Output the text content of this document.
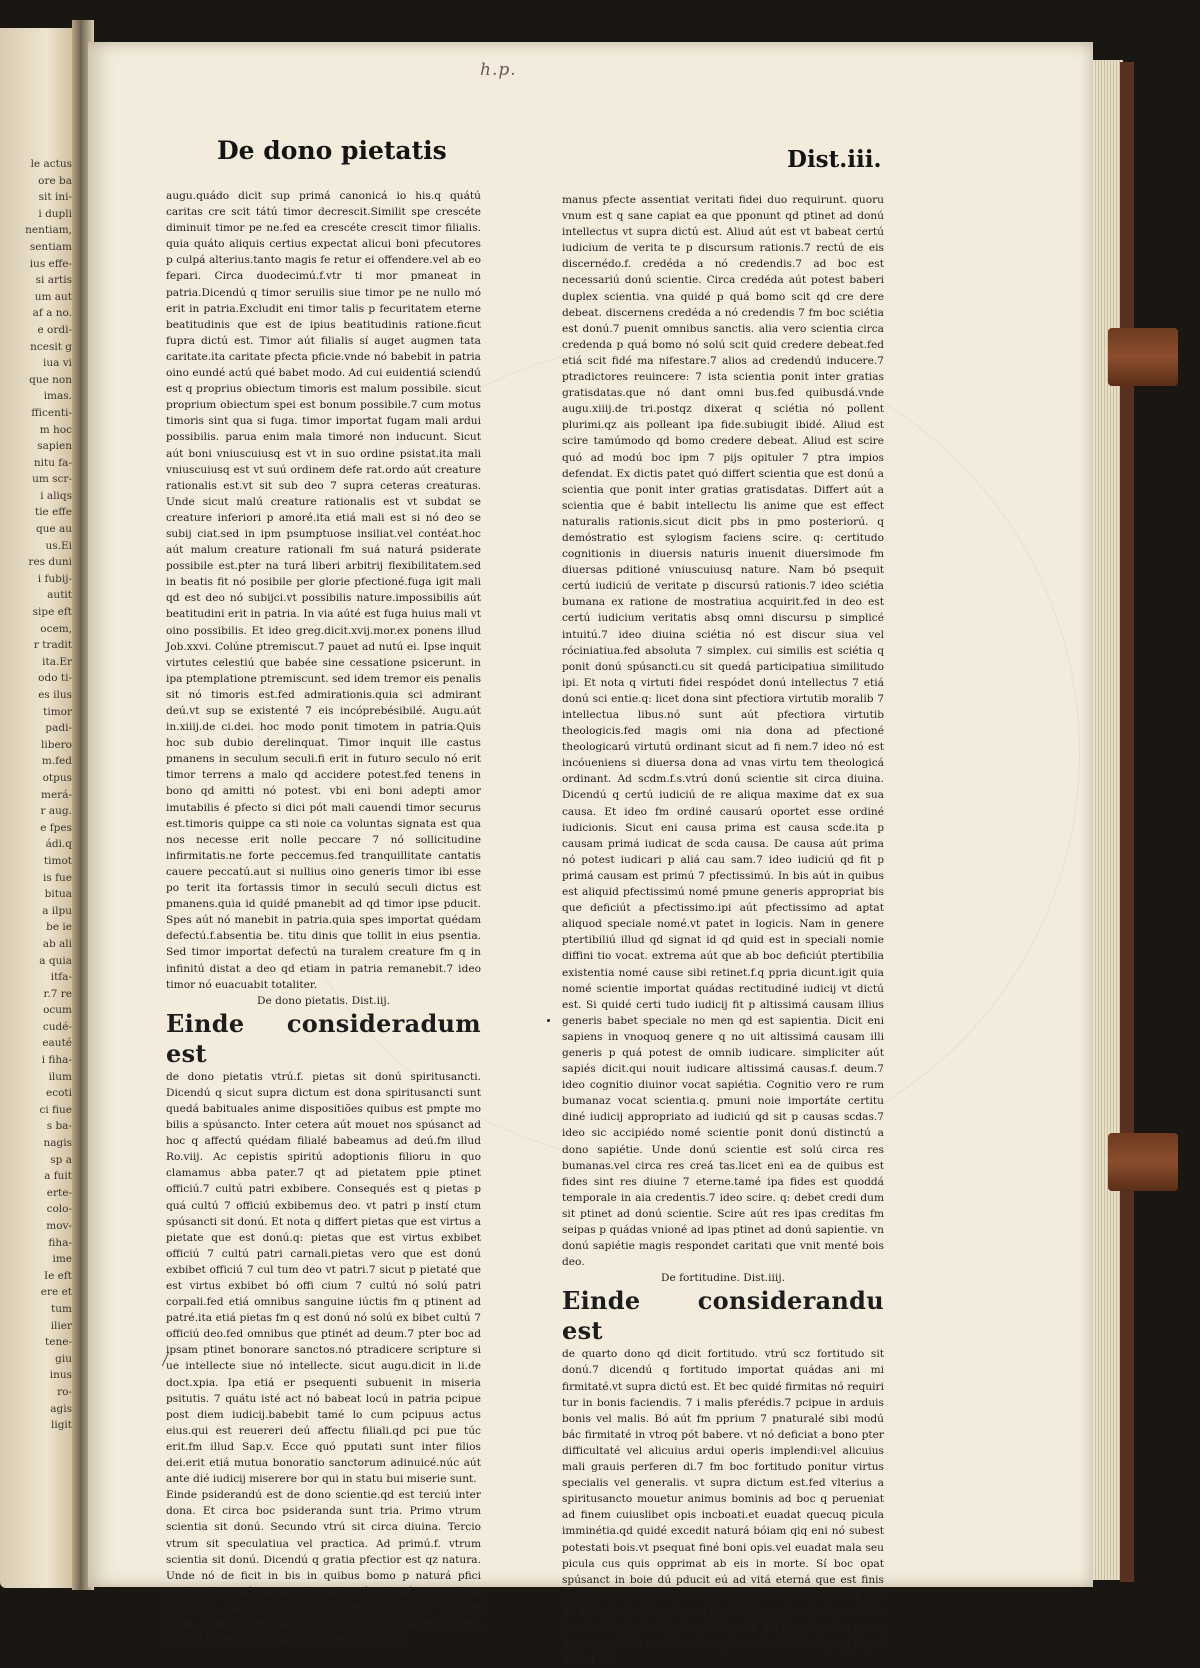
le actus
ore ba
sit ini-
i dupli
nentiam,
sentiam
ius effe-
si artis
um aut
af a no.
e ordi-
ncesit g
iua vi
que non
imas.
fficenti-
m hoc
sapien
nitu fa-
um scr-
i aliqs
tie effe
que au
us.Ei
res duni
i fubij-
autit
sipe eft
ocem,
r tradit
ita.Er
odo ti-
es ilus
timor
padi-
libero
m.fed
otpus
merá-
r aug.
e fpes
ádi.q
timot
is fue
bitua
a ilpu
be ie
ab ali
a quia
itfa-
r.7 re
ocum
cudé-
eauté
i fiha-
ilum
ecoti
ci fiue
s ba-
nagis
sp a
a fuit
erte-
colo-
mov-
fiha-
ime
Ie eft
ere et
tum
ilier
tene-
giu
inus
ro-
agis
ligit
h.p.
De dono pietatis	Dist.iii.

augu.quádo dicit sup primá canonicá io his.q quátú caritas cre scit tátú timor decrescit.Similit spe crescéte diminuit timor pe ne.fed ea crescéte crescit timor filialis. quia quáto aliquis certius expectat alicui boni pfecutores p culpá alterius.tanto magis fe retur ei offendere.vel ab eo fepari. Circa duodecimú.f.vtr ti mor pmaneat in patria.Dicendú q timor seruilis siue timor pe ne nullo mó erit in patria.Excludit eni timor talis p fecuritatem eterne beatitudinis que est de ipius beatitudinis ratione.ficut fupra dictú est. Timor aút filialis sí auget augmen tata caritate.ita caritate pfecta pficie.vnde nó babebit in patria oino eundé actú qué babet modo. Ad cui euidentiá sciendú est q proprius obiectum timoris est malum possibile. sicut proprium obiectum spei est bonum possibile.7 cum motus timoris sint qua si fuga. timor importat fugam mali ardui possibilis. parua enim mala timoré non inducunt. Sicut aút boni vniuscuiusq est vt in suo ordine psistat.ita mali vniuscuiusq est vt suú ordinem defe rat.ordo aút creature rationalis est.vt sit sub deo 7 supra ceteras creaturas. Unde sicut malú creature rationalis est vt subdat se creature inferiori p amoré.ita etiá mali est si nó deo se subij ciat.sed in ipm psumptuose insiliat.vel contéat.hoc aút malum creature rationali fm suá naturá psiderate possibile est.pter na turá liberi arbitrij flexibilitatem.sed in beatis fit nó posibile per glorie pfectioné.fuga igit mali qd est deo nó subijci.vt possibilis nature.impossibilis aút beatitudini erit in patria. In via aúté est fuga huius mali vt oino possibilis. Et ideo greg.dicit.xvij.mor.ex ponens illud Job.xxvi. Colúne ptremiscut.7 pauet ad nutú ei. Ipse inquit virtutes celestiú que babée sine cessatione psicerunt. in ipa ptemplatione ptremiscunt. sed idem tremor eis penalis sit nó timoris est.fed admirationis.quia sci admirant deú.vt sup se existenté 7 eis incóprebésibilé. Augu.aút in.xiiij.de ci.dei. hoc modo ponit timotem in patria.Quis hoc sub dubio derelinquat. Timor inquit ille castus pmanens in seculum seculi.fi erit in futuro seculo nó erit timor terrens a malo qd accidere potest.fed tenens in bono qd amitti nó potest. vbi eni boni adepti amor imutabilis é pfecto si dici pót mali cauendi timor securus est.timoris quippe ca sti noie ca voluntas signata est qua nos necesse erit nolle peccare 7 nó sollicitudine infirmitatis.ne forte peccemus.fed tranquillitate cantatis cauere peccatú.aut si nullius oino generis timor ibi esse po terit ita fortassis timor in seculú seculi dictus est pmanens.quia id quidé pmanebit ad qd timor ipse pducit. Spes aút nó manebit in patria.quia spes importat quédam defectú.f.absentia be. titu dinis que tollit in eius psentia. Sed timor importat defectú na turalem creature fm q in infinitú distat a deo qd etiam in patria remanebit.7 ideo timor nó euacuabit totaliter.

De dono pietatis. Dist.iij.

Einde consideradum est

de dono pietatis vtrú.f. pietas sit donú spiritusancti. Dicendú q sicut supra dictum est dona spiritusancti sunt quedá babituales anime dispositiões quibus est pmpte mo bilis a spúsancto. Inter cetera aút mouet nos spúsanct ad hoc q affectú quédam filialé babeamus ad deú.fm illud Ro.viij. Ac cepistis spiritú adoptionis filioru in quo clamamus abba pater.7 qt ad pietatem ppie ptinet officiú.7 cultú patri exbibere. Consequés est q pietas p quá cultú 7 officiú exbibemus deo. vt patri p instí ctum spúsancti sit donú. Et nota q differt pietas que est virtus a pietate que est donú.q: pietas que est virtus exbibet officiú 7 cultú patri carnali.pietas vero que est donú exbibet officiú 7 cul tum deo vt patri.7 sicut p pietaté que est virtus exbibet bó offi cium 7 cultú nó solú patri corpali.fed etiá omnibus sanguine iúctis fm q ptinent ad patré.ita etiá pietas fm q est donú nó solú ex bibet cultú 7 officiú deo.fed omnibus que ptinét ad deum.7 pter boc ad ipsam ptinet bonorare sanctos.nó ptradicere scripture si ue intellecte siue nó intellecte. sicut augu.dicit in li.de doct.xpia. Ipa etiá er psequenti subuenit in miseria psitutis. 7 quátu isté act nó babeat locú in patria pcipue post diem iudicij.babebit tamé lo cum pcipuus actus eius.qui est reuereri deú affectu filiali.qd pci pue túc erit.fm illud Sap.v. Ecce quó pputati sunt inter filios dei.erit etiá mutua bonoratio sanctorum adinuicé.núc aút ante dié iudicij miserere bor qui in statu bui miserie sunt.

Einde psiderandú est de dono scientie.qd est terciú inter dona. Et circa boc psideranda sunt tria. Primo vtrum scientia sit donú. Secundo vtrú sit circa diuina. Tercio vtrum sit speculatiua vel practica. Ad primú.f. vtrum scientia sit donú. Dicendú q gratia pfectior est qz natura. Unde nó de ficit in bis in quibus bomo p naturá pfici potest. Cum aút bomo per naturalé rationé assentit fm intellectú alicui veritati. dupliciter pficit circa veritaté illam. Primo quidé quia capit eá. Secú do quia de ea certú iudiciú babet.7 ideo ad boc q intellectus bu-

manus pfecte assentiat veritati fidei duo requirunt. quoru vnum est q sane capiat ea que pponunt qd ptinet ad donú intellectus vt supra dictú est. Aliud aút est vt babeat certú iudicium de verita te p discursum rationis.7 rectú de eis discernédo.f. credéda a nó credendis.7 ad boc est necessariú donú scientie. Circa credéda aút potest baberi duplex scientia. vna quidé p quá bomo scit qd cre dere debeat. discernens credéda a nó credendis 7 fm boc sciétia est donú.7 puenit omnibus sanctis. alia vero scientia circa credenda p quá bomo nó solú scit quid credere debeat.fed etiá scit fidé ma nifestare.7 alios ad credendú inducere.7 ptradictores reuincere: 7 ista scientia ponit inter gratias gratisdatas.que nó dant omni bus.fed quibusdá.vnde augu.xiiij.de tri.postqz dixerat q sciétia nó pollent plurimi.qz ais polleant ipa fide.subiugit ibidé. Aliud est scire tamúmodo qd bomo credere debeat. Aliud est scire quó ad modú boc ipm 7 pijs opituler 7 ptra impios defendat. Ex dictis patet quó differt scientia que est donú a scientia que ponit inter gratias gratisdatas. Differt aút a scientia que é babit intellectu lis anime que est effect naturalis rationis.sicut dicit pbs in pmo posteriorú. q demóstratio est sylogism faciens scire. q: certitudo cognitionis in diuersis naturis inuenit diuersimode fm diuersas pditioné vniuscuiusq nature. Nam bó psequit certú iudiciú de veritate p discursú rationis.7 ideo sciétia bumana ex ratione de mostratiua acquirit.fed in deo est certú iudicium veritatis absq omni discursu p simplicé intuitú.7 ideo diuina sciétia nó est discur siua vel róciniatiua.fed absoluta 7 simplex. cui similis est sciétia q ponit donú spúsancti.cu sit quedá participatiua similitudo ipi. Et nota q virtuti fidei respódet donú intellectus 7 etiá donú sci entie.q: licet dona sint pfectiora virtutib moralib 7 intellectua libus.nó sunt aút pfectiora virtutib theologicis.fed magis omi nia dona ad pfectioné theologicarú virtutú ordinant sicut ad fi nem.7 ideo nó est incóueniens si diuersa dona ad vnas virtu tem theologicá ordinant. Ad scdm.f.s.vtrú donú scientie sit circa diuina. Dicendú q certú iudiciú de re aliqua maxime dat ex sua causa. Et ideo fm ordiné causarú oportet esse ordiné iudicionis. Sicut eni causa prima est causa scde.ita p causam primá iudicat de scda causa. De causa aút prima nó potest iudicari p aliá cau sam.7 ideo iudiciú qd fit p primá causam est primú 7 pfectissimú. In bis aút in quibus est aliquid pfectissimú nomé pmune generis appropriat bis que deficiút a pfectissimo.ipi aút pfectissimo ad aptat aliquod speciale nomé.vt patet in logicis. Nam in genere ptertibiliú illud qd signat id qd quid est in speciali nomie diffini tio vocat. extrema aút que ab boc deficiút ptertibilia existentia nomé cause sibi retinet.f.q ppria dicunt.igit quia nomé scientie importat quádas rectitudiné iudicij vt dictú est. Si quidé certi tudo iudicij fit p altissimá causam illius generis babet speciale no men qd est sapientia. Dicit eni sapiens in vnoquoq genere q no uit altissimá causam illi generis p quá potest de omnib iudicare. simpliciter aút sapiés dicit.qui nouit iudicare altissimá causas.f. deum.7 ideo cognitio diuinor vocat sapiétia. Cognitio vero re rum bumanaz vocat scientia.q. pmuni noie importáte certitu diné iudicij appropriato ad iudiciú qd sit p causas scdas.7 ideo sic accipiédo nomé scientie ponit donú distinctú a dono sapiétie. Unde donú scientie est solú circa res bumanas.vel circa res creá tas.licet eni ea de quibus est fides sint res diuine 7 eterne.tamé ipa fides est quoddá temporale in aia credentis.7 ideo scire. q: debet credi dum sit ptinet ad donú scientie. Scire aút res ipas creditas fm seipas p quádas vnioné ad ipas ptinet ad donú sapientie. vn donú sapiétie magis respondet caritati que vnit menté bois deo.

De fortitudine. Dist.iiij.

Einde considerandu est

de quarto dono qd dicit fortitudo. vtrú scz fortitudo sit donú.7 dicendú q fortitudo importat quádas ani mi firmitaté.vt supra dictú est. Et bec quidé firmitas nó requiri tur in bonis faciendis. 7 i malis pferédis.7 pcipue in arduis bonis vel malis. Bó aút fm pprium 7 pnaturalé sibi modú bác firmitaté in vtroq pót babere. vt nó deficiat a bono pter difficultaté vel alicuius ardui operis implendi:vel alicuius mali grauis perferen di.7 fm boc fortitudo ponitur virtus specialis vel generalis. vt supra dictum est.fed vlterius a spiritusancto mouetur animus bominis ad boc q perueniat ad finem cuiuslibet opis incboati.et euadat quecuq picula imminétia.qd quidé excedit naturá bóiam qiq eni nó subest potestati bois.vt psequat finé boni opis.vel euadat mala seu picula cus quis opprimat ab eis in morte. Sí boc opat spúsanct in boie dú pducit eú ad vitá eterná que est finis oim bonor operú.7 euasio oim piculor.7 bui rei infundit quá dá fiducia menti spúsanct.ptrariú timoré excludens. 7 fm boc fortitudo donú spúsancti ponit. Dictú est eni supra q dona re spiciút motões aie a spúsancto. Ex dictis pz q 7 quó differt for
